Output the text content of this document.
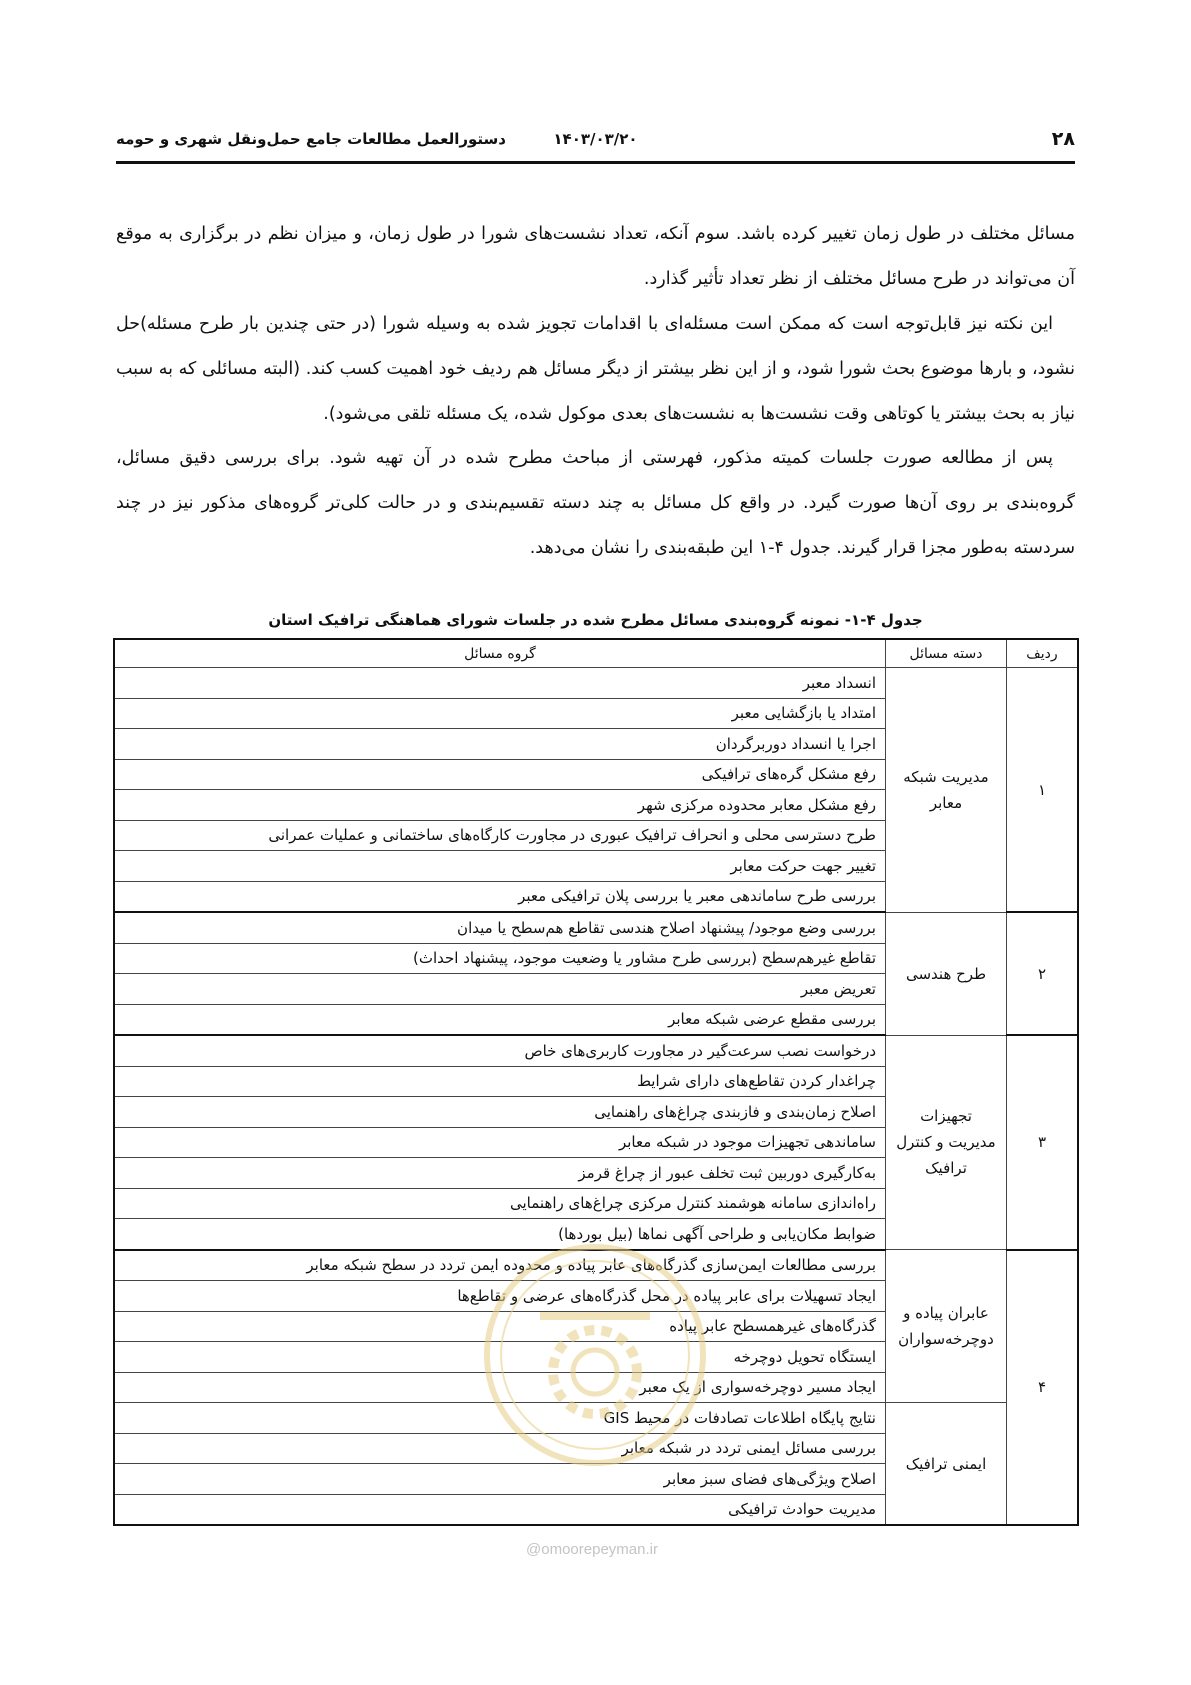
۲۸
۱۴۰۳/۰۳/۲۰
دستورالعمل مطالعات جامع حمل‌ونقل شهری و حومه
مسائل مختلف در طول زمان تغییر کرده باشد. سوم آنکه، تعداد نشست‌های شورا در طول زمان، و میزان نظم در برگزاری به موقع آن می‌تواند در طرح مسائل مختلف از نظر تعداد تأثیر گذارد.
این نکته نیز قابل‌توجه است که ممکن است مسئله‌ای با اقدامات تجویز شده به وسیله شورا (در حتی چندین بار طرح مسئله)حل نشود، و بارها موضوع بحث شورا شود، و از این نظر بیشتر از دیگر مسائل هم ردیف خود اهمیت کسب کند. (البته مسائلی که به سبب نیاز به بحث بیشتر یا کوتاهی وقت نشست‌ها به نشست‌های بعدی موکول شده، یک مسئله تلقی می‌شود).
پس از مطالعه صورت جلسات کمیته مذکور، فهرستی از مباحث مطرح شده در آن تهیه شود. برای بررسی دقیق مسائل، گروه‌بندی بر روی آن‌ها صورت گیرد. در واقع کل مسائل به چند دسته تقسیم‌بندی و در حالت کلی‌تر گروه‌های مذکور نیز در چند سردسته به‌طور مجزا قرار گیرند. جدول ۴-۱ این طبقه‌بندی را نشان می‌دهد.
جدول ۴-۱- نمونه گروه‌بندی مسائل مطرح شده در جلسات شورای هماهنگی ترافیک استان
ردیف	دسته مسائل	گروه مسائل
۱	مدیریت شبکه معابر	انسداد معبر
		امتداد یا بازگشایی معبر
		اجرا یا انسداد دوربرگردان
		رفع مشکل گره‌های ترافیکی
		رفع مشکل معابر محدوده مرکزی شهر
		طرح دسترسی محلی و انحراف ترافیک عبوری در مجاورت کارگاه‌های ساختمانی و عملیات عمرانی
		تغییر جهت حرکت معابر
		بررسی طرح ساماندهی معبر یا بررسی پلان ترافیکی معبر
۲	طرح هندسی	بررسی وضع موجود/ پیشنهاد اصلاح هندسی تقاطع هم‌سطح یا میدان
		تقاطع غیرهم‌سطح (بررسی طرح مشاور یا وضعیت موجود، پیشنهاد احداث)
		تعریض معبر
		بررسی مقطع عرضی شبکه معابر
۳	تجهیزات مدیریت و کنترل ترافیک	درخواست نصب سرعت‌گیر در مجاورت کاربری‌های خاص
		چراغدار کردن تقاطع‌های دارای شرایط
		اصلاح زمان‌بندی و فازبندی چراغ‌های راهنمایی
		ساماندهی تجهیزات موجود در شبکه معابر
		به‌کارگیری دوربین ثبت تخلف عبور از چراغ قرمز
		راه‌اندازی سامانه هوشمند کنترل مرکزی چراغ‌های راهنمایی
		ضوابط مکان‌یابی و طراحی آگهی نماها (بیل بوردها)
۴	عابران پیاده و دوچرخه‌سواران	بررسی مطالعات ایمن‌سازی گذرگاه‌های عابر پیاده و محدوده ایمن تردد در سطح شبکه معابر
		ایجاد تسهیلات برای عابر پیاده در محل گذرگاه‌های عرضی و تقاطع‌ها
		گذرگاه‌های غیرهمسطح عابر پیاده
		ایستگاه تحویل دوچرخه
		ایجاد مسیر دوچرخه‌سواری از یک معبر
	ایمنی ترافیک	نتایج پایگاه اطلاعات تصادفات در محیط GIS
		بررسی مسائل ایمنی تردد در شبکه معابر
		اصلاح ویژگی‌های فضای سبز معابر
		مدیریت حوادث ترافیکی
@omoorepeyman.ir
